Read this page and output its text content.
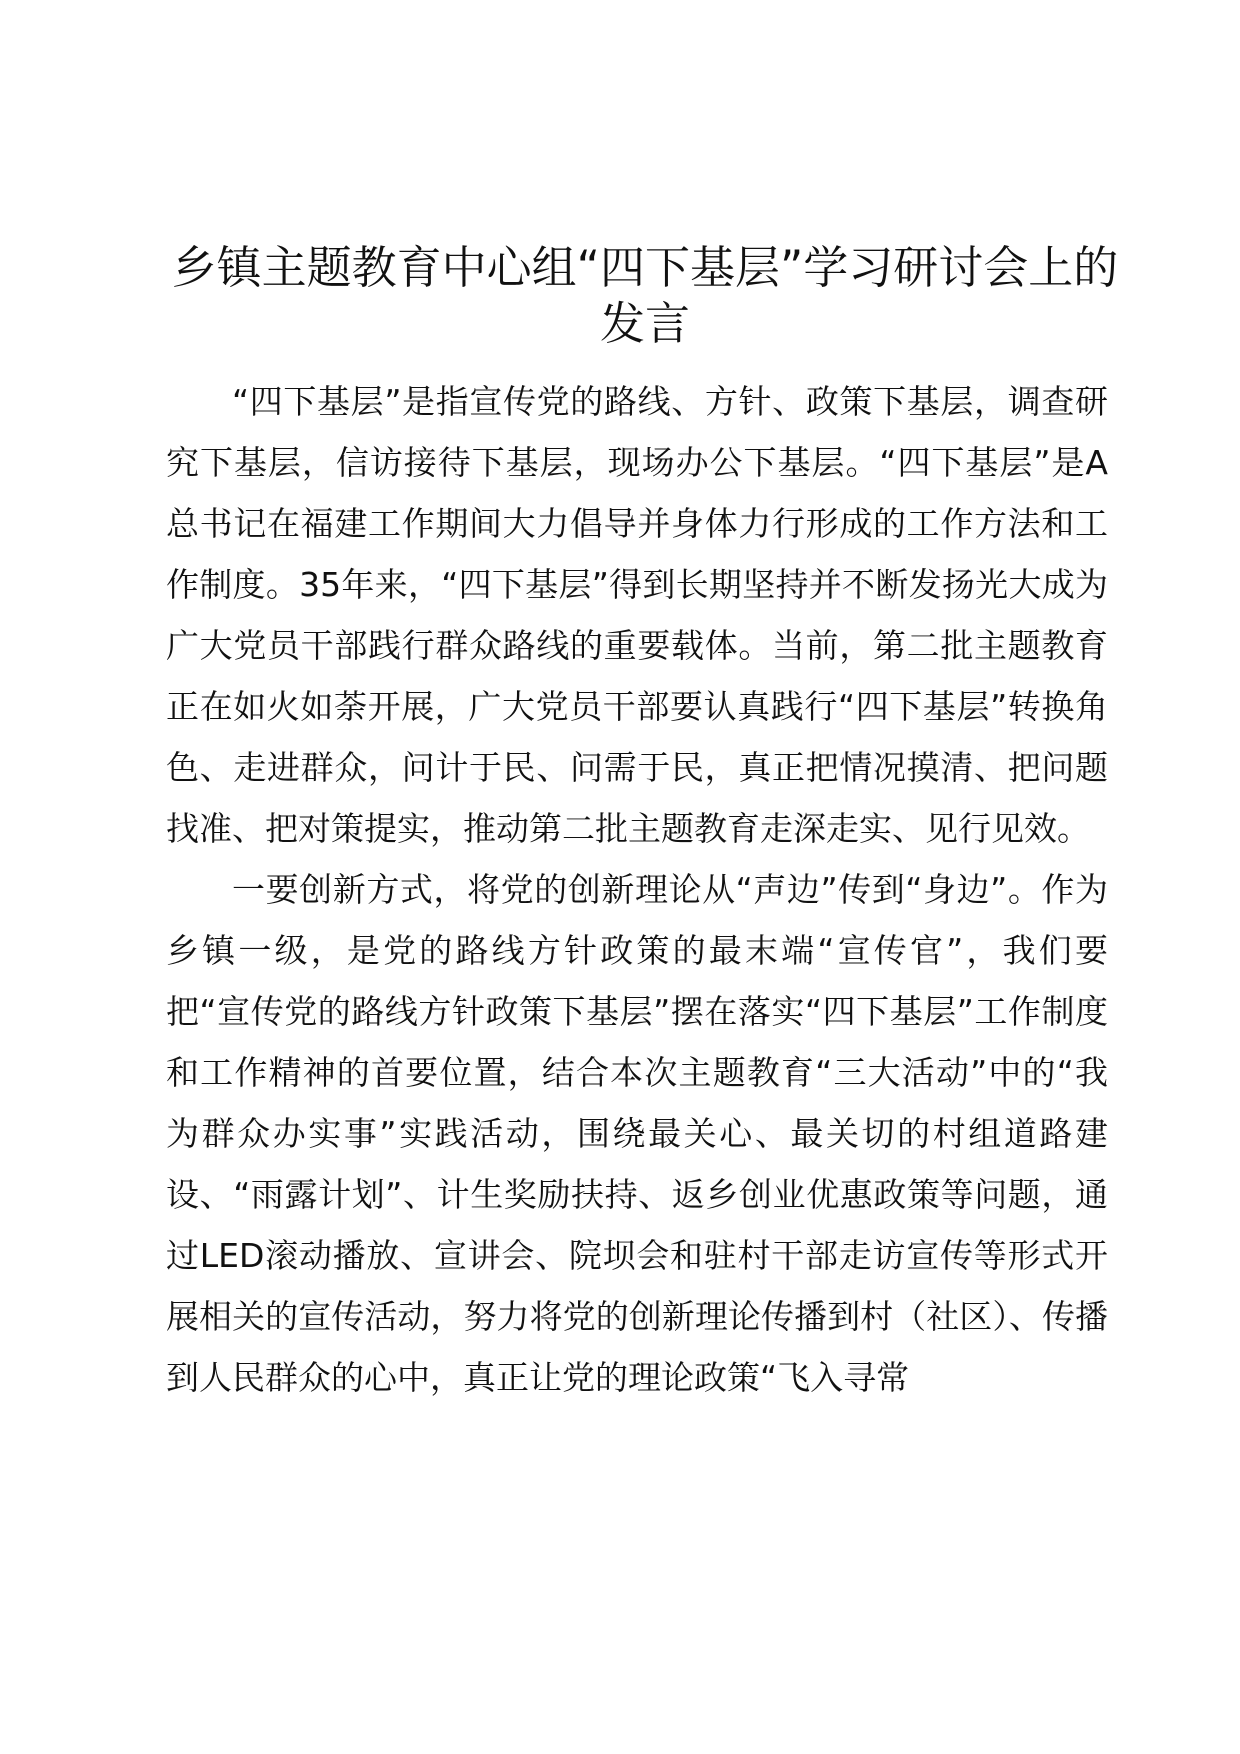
乡镇主题教育中心组“四下基层”学习研讨会上的发言

“四下基层”是指宣传党的路线、方针、政策下基层，调查研究下基层，信访接待下基层，现场办公下基层。“四下基层”是A总书记在福建工作期间大力倡导并身体力行形成的工作方法和工作制度。35年来，“四下基层”得到长期坚持并不断发扬光大成为广大党员干部践行群众路线的重要载体。当前，第二批主题教育正在如火如荼开展，广大党员干部要认真践行“四下基层”转换角色、走进群众，问计于民、问需于民，真正把情况摸清、把问题找准、把对策提实，推动第二批主题教育走深走实、见行见效。

一要创新方式，将党的创新理论从“声边”传到“身边”。作为乡镇一级，是党的路线方针政策的最末端“宣传官”，我们要把“宣传党的路线方针政策下基层”摆在落实“四下基层”工作制度和工作精神的首要位置，结合本次主题教育“三大活动”中的“我为群众办实事”实践活动，围绕最关心、最关切的村组道路建设、“雨露计划”、计生奖励扶持、返乡创业优惠政策等问题，通过LED滚动播放、宣讲会、院坝会和驻村干部走访宣传等形式开展相关的宣传活动，努力将党的创新理论传播到村（社区）、传播到人民群众的心中，真正让党的理论政策“飞入寻常
